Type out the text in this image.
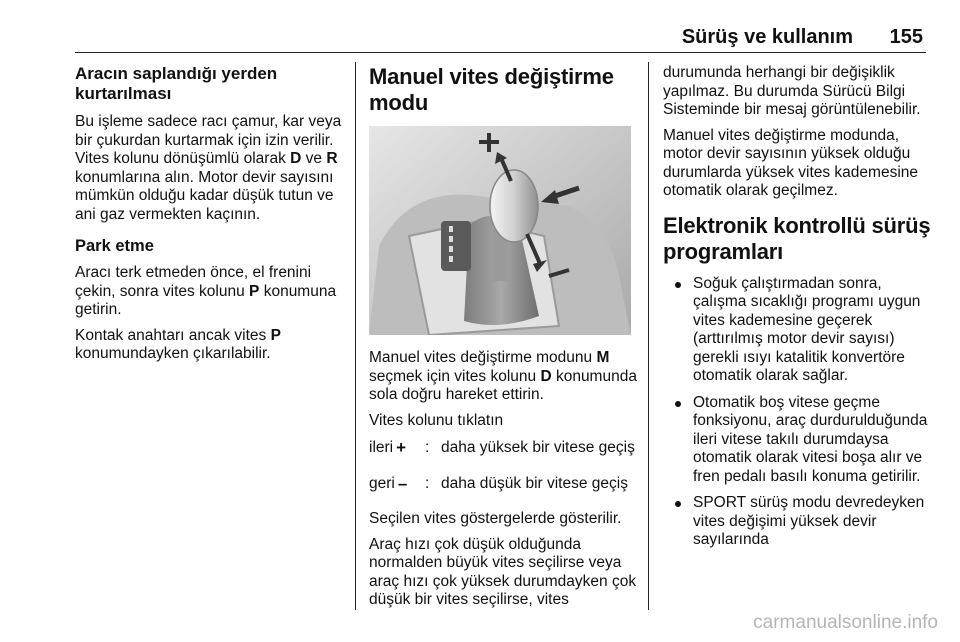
Sürüş ve kullanım 155
Aracın saplandığı yerden kurtarılması

Bu işleme sadece racı çamur, kar veya bir çukurdan kurtarmak için izin verilir. Vites kolunu dönüşümlü olarak D ve R konumlarına alın. Motor devir sayısını mümkün olduğu kadar düşük tutun ve ani gaz vermekten kaçının.

Park etme

Aracı terk etmeden önce, el frenini çekin, sonra vites kolunu P konumuna getirin.

Kontak anahtarı ancak vites P konumundayken çıkarılabilir.

Manuel vites değiştirme modu

Manuel vites değiştirme modunu M seçmek için vites kolunu D konumunda sola doğru hareket ettirin.

Vites kolunu tıklatın

ileri + : daha yüksek bir vitese geçiş
geri – : daha düşük bir vitese geçiş

Seçilen vites göstergelerde gösterilir.

Araç hızı çok düşük olduğunda normalden büyük vites seçilirse veya araç hızı çok yüksek durumdayken çok düşük bir vites seçilirse, vites

durumunda herhangi bir değişiklik yapılmaz. Bu durumda Sürücü Bilgi Sisteminde bir mesaj görüntülenebilir.

Manuel vites değiştirme modunda, motor devir sayısının yüksek olduğu durumlarda yüksek vites kademesine otomatik olarak geçilmez.

Elektronik kontrollü sürüş programları
Soğuk çalıştırmadan sonra, çalışma sıcaklığı programı uygun vites kademesine geçerek (arttırılmış motor devir sayısı) gerekli ısıyı katalitik konvertöre otomatik olarak sağlar.
Otomatik boş vitese geçme fonksiyonu, araç durdurulduğunda ileri vitese takılı durumdaysa otomatik olarak vitesi boşa alır ve fren pedalı basılı konuma getirilir.
SPORT sürüş modu devredeyken vites değişimi yüksek devir sayılarında
carmanualsonline.info
